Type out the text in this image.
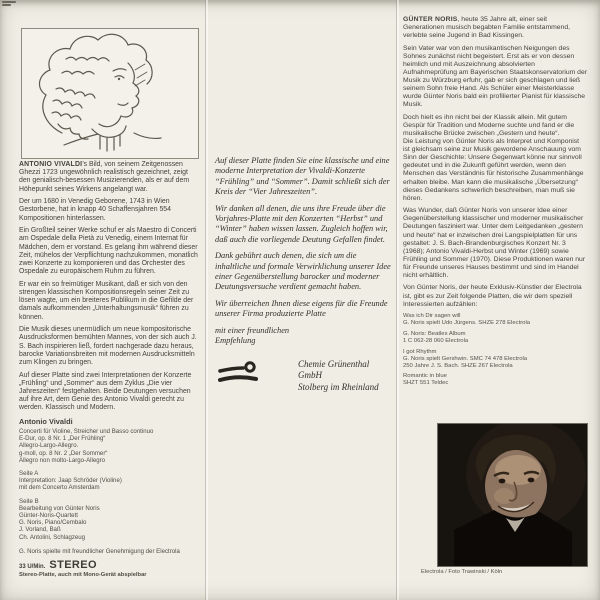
ANTONIO VIVALDI’s Bild, von seinem Zeitgenossen Ghezzi 1723 ungewöhnlich realistisch gezeichnet, zeigt den genialisch-besessen Musizierenden, als er auf dem Höhepunkt seines Wirkens angelangt war.

Der um 1680 in Venedig Geborene, 1743 in Wien Gestorbene, hat in knapp 40 Schaffensjahren 554 Kompositionen hinterlassen.

Ein Großteil seiner Werke schuf er als Maestro di Concerti am Ospedale della Pietà zu Venedig, einem Internat für Mädchen, dem er vorstand. Es gelang ihm während dieser Zeit, mühelos der Verpflichtung nachzukommen, monatlich zwei Konzerte zu komponieren und das Orchester des Ospedale zu europäischem Ruhm zu führen.

Er war ein so freimütiger Musikant, daß er sich von den strengen klassischen Kompositionsregeln seiner Zeit zu lösen wagte, um ein breiteres Publikum in die Gefilde der damals aufkommenden „Unterhaltungsmusik“ führen zu können.

Die Musik dieses unermüdlich um neue kompositorische Ausdrucksformen bemühten Mannes, von der sich auch J. S. Bach inspirieren ließ, fordert nachgerade dazu heraus, barocke Variationsbreiten mit modernen Ausdrucksmitteln zum Klingen zu bringen.

Auf dieser Platte sind zwei Interpretationen der Konzerte „Frühling“ und „Sommer“ aus dem Zyklus „Die vier Jahreszeiten“ festgehalten. Beide Deutungen versuchen auf ihre Art, dem Genie des Antonio Vivaldi gerecht zu werden. Klassisch und Modern.

Antonio Vivaldi
Concerti für Violine, Streicher und Basso continuo
E-Dur, op. 8 Nr. 1 „Der Frühling“
Allegro-Largo-Allegro.
g-moll, op. 8 Nr. 2 „Der Sommer“
Allegro non molto-Largo-Allegro
Seite A
Interpretation: Jaap Schröder (Violine)
mit dem Concerto Amsterdam
Seite B
Bearbeitung von Günter Noris
Günter-Noris-Quartett
G. Noris, Piano/Cembalo
J. Vorland, Baß
Ch. Antolini, Schlagzeug
G. Noris spielte mit freundlicher Genehmigung der Electrola
33 U/Min. STEREO
Stereo-Platte, auch mit Mono-Gerät abspielbar

Auf dieser Platte finden Sie eine klassische und eine moderne Interpretation der Vivaldi-Konzerte “Frühling” und “Sommer”. Damit schließt sich der Kreis der “Vier Jahreszeiten”.

Wir danken all denen, die uns ihre Freude über die Vorjahres-Platte mit den Konzerten “Herbst” und “Winter” haben wissen lassen. Zugleich hoffen wir, daß auch die vorliegende Deutung Gefallen findet.

Dank gebührt auch denen, die sich um die inhaltliche und formale Verwirklichung unserer Idee einer Gegenüberstellung barocker und moderner Deutungsversuche verdient gemacht haben.

Wir überreichen Ihnen diese eigens für die Freunde unserer Firma produzierte Platte

mit einer freundlichen Empfehlung

Chemie Grünenthal GmbH
Stolberg im Rheinland

GÜNTER NORIS, heute 35 Jahre alt, einer seit Generationen musisch begabten Familie entstammend, verlebte seine Jugend in Bad Kissingen.

Sein Vater war von den musikantischen Neigungen des Sohnes zunächst nicht begeistert. Erst als er von dessen heimlich und mit Auszeichnung absolvierten Aufnahmeprüfung am Bayerischen Staatskonservatorium der Musik zu Würzburg erfuhr, gab er sich geschlagen und ließ seinem Sohn freie Hand. Als Schüler einer Meisterklasse wurde Günter Noris bald ein profilierter Pianist für klassische Musik.

Doch hielt es ihn nicht bei der Klassik allein. Mit gutem Gespür für Tradition und Moderne suchte und fand er die musikalische Brücke zwischen „Gestern und heute“.

Die Leistung von Günter Noris als Interpret und Komponist ist gleichsam seine zur Musik gewordene Anschauung vom Sinn der Geschichte: Unsere Gegenwart könne nur sinnvoll gedeutet und in die Zukunft geführt werden, wenn den Menschen das Verständnis für historische Zusammenhänge erhalten bleibe. Man kann die musikalische „Übersetzung“ dieses Gedankens schwerlich beschreiben, man muß sie hören.

Was Wunder, daß Günter Noris von unserer Idee einer Gegenüberstellung klassischer und moderner musikalischer Deutungen fasziniert war. Unter dem Leitgedanken „gestern und heute“ hat er inzwischen drei Langspielplatten für uns gestaltet: J. S. Bach-Brandenburgisches Konzert Nr. 3 (1968); Antonio Vivaldi-Herbst und Winter (1969) sowie Frühling und Sommer (1970). Diese Produktionen waren nur für Freunde unseres Hauses bestimmt und sind im Handel nicht erhältlich.

Von Günter Noris, der heute Exklusiv-Künstler der Electrola ist, gibt es zur Zeit folgende Platten, die wir dem speziell Interessierten aufzählen:

Was ich Dir sagen will
G. Noris spielt Udo Jürgens. SHZE 278 Electrola
G. Noris: Beatles Album
1 C 062-28 060 Electrola
I got Rhythm
G. Noris spielt Gershwin. SMC 74 478 Electrola
250 Jahre J. S. Bach. SHZE 267 Electrola
Romantic in blue
SHZT 551 Teldec
Electrola / Foto Trawinski / Köln
